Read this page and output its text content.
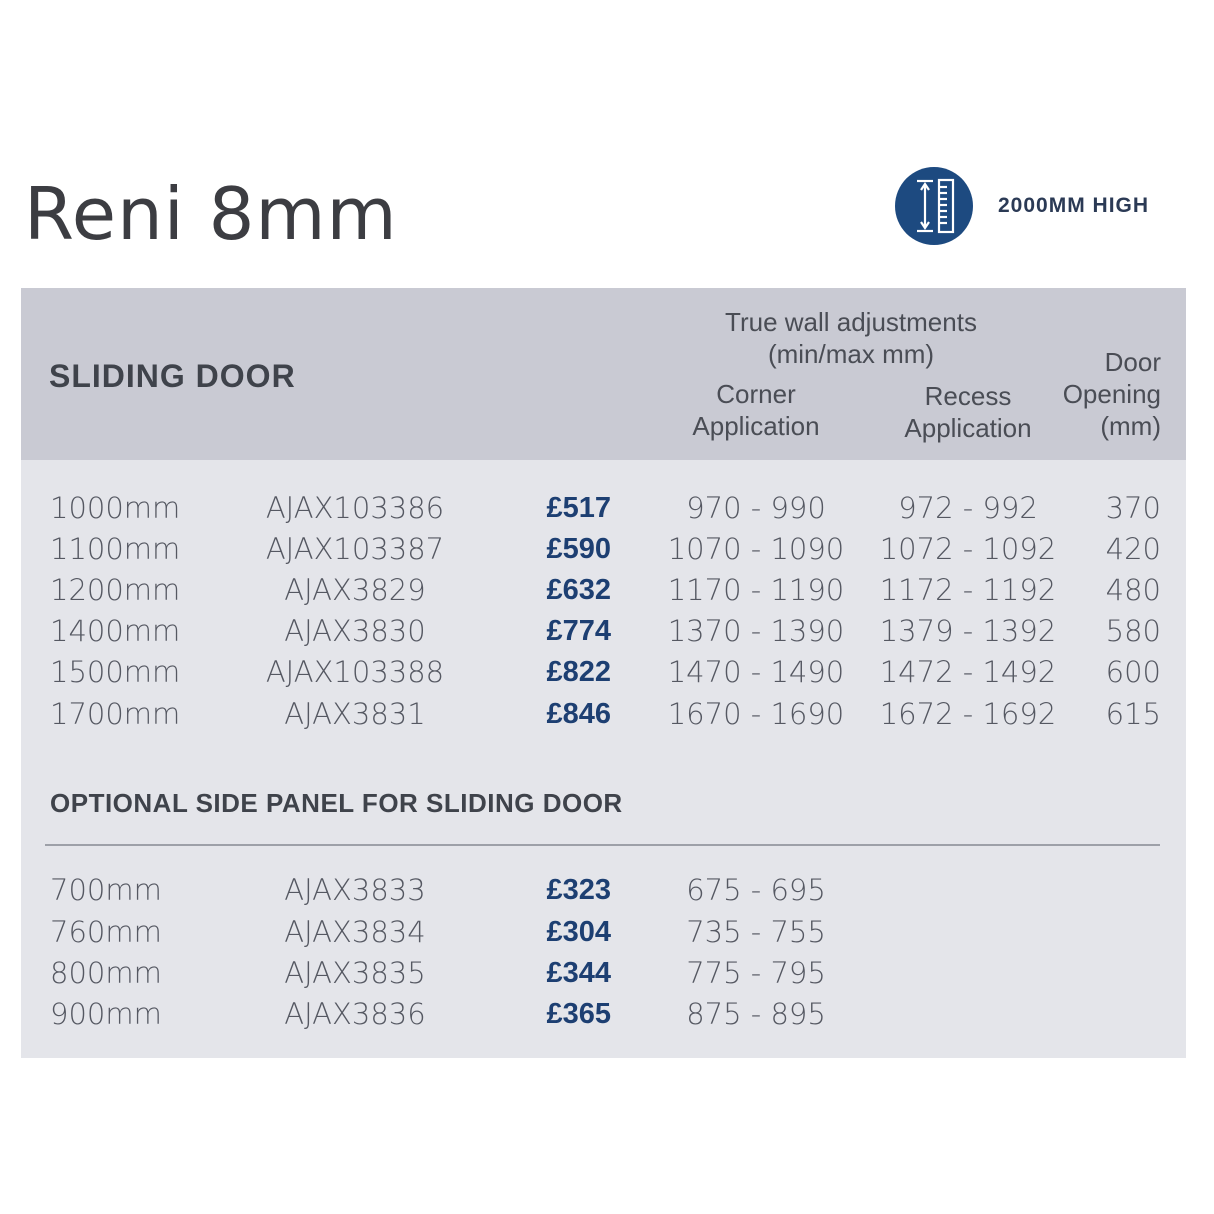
Reni 8mm	2000MM HIGH
SLIDING DOOR
True wall adjustments
(min/max mm)
Corner
Application
Recess
Application
Door
Opening
(mm)
1000mm	AJAX103386	£517	970 - 990	972 - 992	370
1100mm	AJAX103387	£590 1070 - 1090 1072 - 1092	420
1200mm	AJAX3829	£632 1170 - 1190 1172 - 1192	480
1400mm	AJAX3830	£774 1370 - 1390 1379 - 1392	580
1500mm	AJAX103388	£822 1470 - 1490 1472 - 1492	600
1700mm	AJAX3831	£846 1670 - 1690 1672 - 1692	615
OPTIONAL SIDE PANEL FOR SLIDING DOOR
700mm	AJAX3833	£323	675 - 695
760mm	AJAX3834	£304	735 - 755
800mm	AJAX3835	£344	775 - 795
900mm	AJAX3836	£365	875 - 895
